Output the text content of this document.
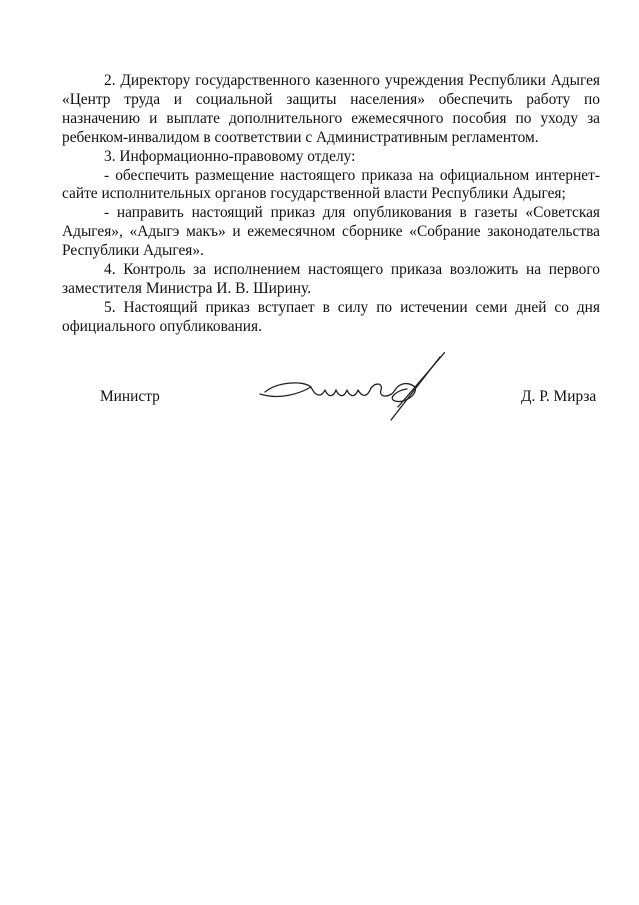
2. Директору государственного казенного учреждения Республики Адыгея «Центр труда и социальной защиты населения» обеспечить работу по назначению и выплате дополнительного ежемесячного пособия по уходу за ребенком-инвалидом в соответствии с Административным регламентом.

3. Информационно-правовому отделу:

- обеспечить размещение настоящего приказа на официальном интернет-сайте исполнительных органов государственной власти Республики Адыгея;

- направить настоящий приказ для опубликования в газеты «Советская Адыгея», «Адыгэ макъ» и ежемесячном сборнике «Собрание законодательства Республики Адыгея».

4. Контроль за исполнением настоящего приказа возложить на первого заместителя Министра И. В. Ширину.

5. Настоящий приказ вступает в силу по истечении семи дней со дня официального опубликования.

Министр	Д. Р. Мирза
